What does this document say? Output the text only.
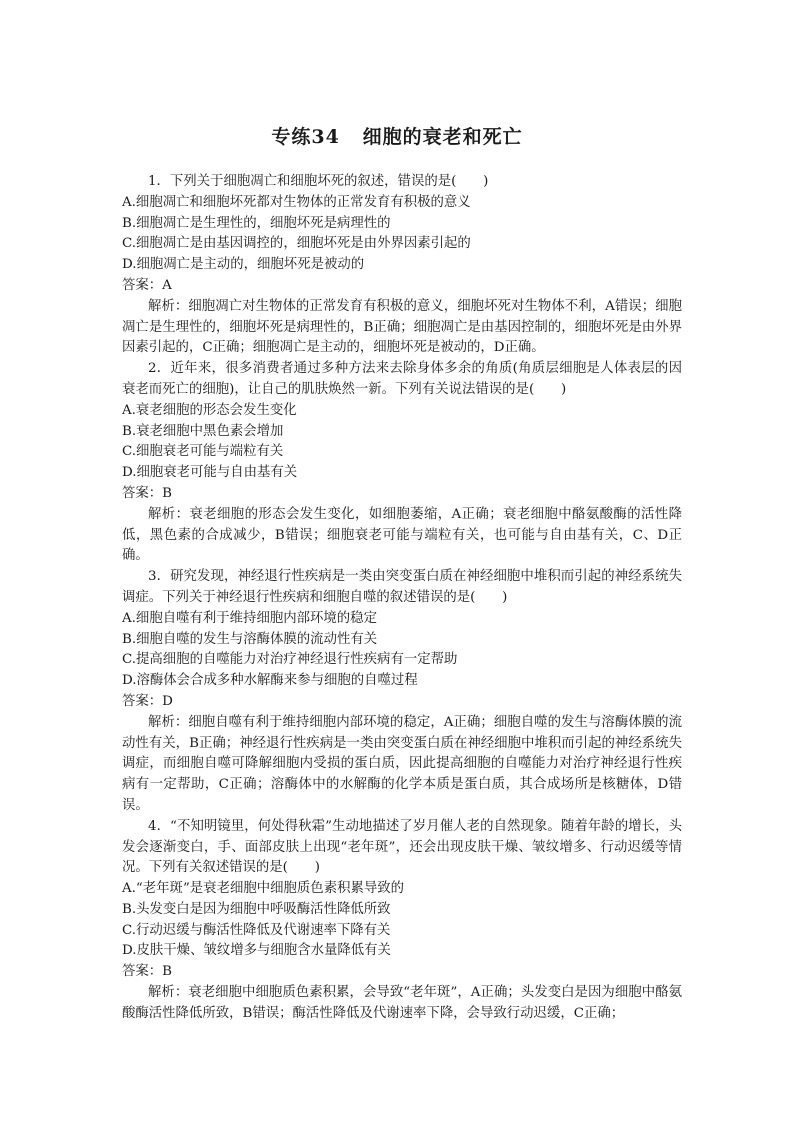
专练34   细胞的衰老和死亡

1．下列关于细胞凋亡和细胞坏死的叙述，错误的是(　　)

A.细胞凋亡和细胞坏死都对生物体的正常发育有积极的意义

B.细胞凋亡是生理性的，细胞坏死是病理性的

C.细胞凋亡是由基因调控的，细胞坏死是由外界因素引起的

D.细胞凋亡是主动的，细胞坏死是被动的

答案：A

解析：细胞凋亡对生物体的正常发育有积极的意义，细胞坏死对生物体不利，A错误；细胞凋亡是生理性的，细胞坏死是病理性的，B正确；细胞凋亡是由基因控制的，细胞坏死是由外界因素引起的，C正确；细胞凋亡是主动的，细胞坏死是被动的，D正确。

2．近年来，很多消费者通过多种方法来去除身体多余的角质(角质层细胞是人体表层的因衰老而死亡的细胞)，让自己的肌肤焕然一新。下列有关说法错误的是(　　)

A.衰老细胞的形态会发生变化

B.衰老细胞中黑色素会增加

C.细胞衰老可能与端粒有关

D.细胞衰老可能与自由基有关

答案：B

解析：衰老细胞的形态会发生变化，如细胞萎缩，A正确；衰老细胞中酪氨酸酶的活性降低，黑色素的合成减少，B错误；细胞衰老可能与端粒有关，也可能与自由基有关，C、D正确。

3．研究发现，神经退行性疾病是一类由突变蛋白质在神经细胞中堆积而引起的神经系统失调症。下列关于神经退行性疾病和细胞自噬的叙述错误的是(　　)

A.细胞自噬有利于维持细胞内部环境的稳定

B.细胞自噬的发生与溶酶体膜的流动性有关

C.提高细胞的自噬能力对治疗神经退行性疾病有一定帮助

D.溶酶体会合成多种水解酶来参与细胞的自噬过程

答案：D

解析：细胞自噬有利于维持细胞内部环境的稳定，A正确；细胞自噬的发生与溶酶体膜的流动性有关，B正确；神经退行性疾病是一类由突变蛋白质在神经细胞中堆积而引起的神经系统失调症，而细胞自噬可降解细胞内受损的蛋白质，因此提高细胞的自噬能力对治疗神经退行性疾病有一定帮助，C正确；溶酶体中的水解酶的化学本质是蛋白质，其合成场所是核糖体，D错误。

4．“不知明镜里，何处得秋霜”生动地描述了岁月催人老的自然现象。随着年龄的增长，头发会逐渐变白，手、面部皮肤上出现“老年斑”，还会出现皮肤干燥、皱纹增多、行动迟缓等情况。下列有关叙述错误的是(　　)

A.“老年斑”是衰老细胞中细胞质色素积累导致的

B.头发变白是因为细胞中呼吸酶活性降低所致

C.行动迟缓与酶活性降低及代谢速率下降有关

D.皮肤干燥、皱纹增多与细胞含水量降低有关

答案：B

解析：衰老细胞中细胞质色素积累，会导致“老年斑”，A正确；头发变白是因为细胞中酪氨酸酶活性降低所致，B错误；酶活性降低及代谢速率下降，会导致行动迟缓，C正确；
